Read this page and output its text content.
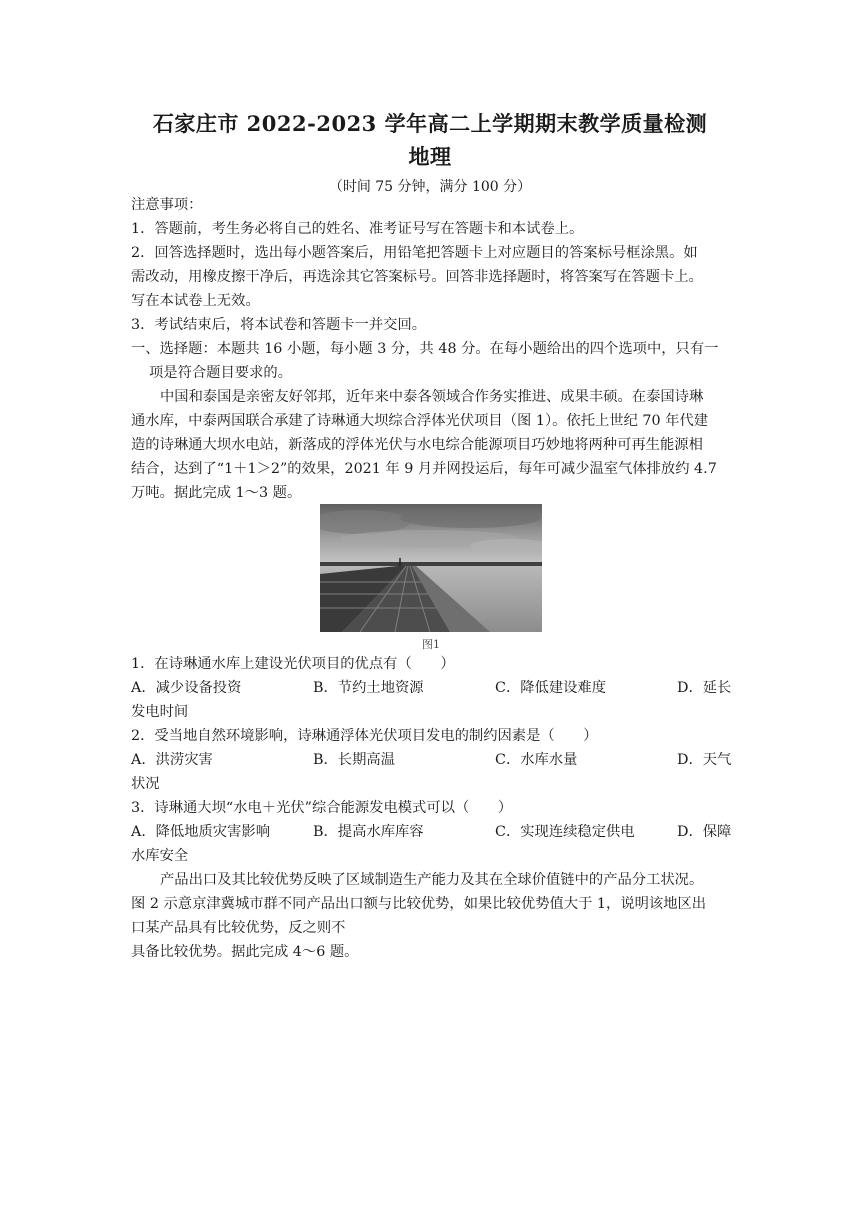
石家庄市 2022-2023 学年高二上学期期末教学质量检测
地理
（时间 75 分钟，满分 100 分）
注意事项：
1．答题前，考生务必将自己的姓名、准考证号写在答题卡和本试卷上。
2．回答选择题时，选出每小题答案后，用铅笔把答题卡上对应题目的答案标号框涂黑。如
需改动，用橡皮擦干净后，再选涂其它答案标号。回答非选择题时，将答案写在答题卡上。
写在本试卷上无效。
3．考试结束后，将本试卷和答题卡一并交回。
一、选择题：本题共 16 小题，每小题 3 分，共 48 分。在每小题给出的四个选项中，只有一
项是符合题目要求的。
中国和泰国是亲密友好邻邦，近年来中泰各领域合作务实推进、成果丰硕。在泰国诗琳
通水库，中泰两国联合承建了诗琳通大坝综合浮体光伏项目（图 1）。依托上世纪 70 年代建
造的诗琳通大坝水电站，新落成的浮体光伏与水电综合能源项目巧妙地将两种可再生能源相
结合，达到了“1＋1＞2”的效果，2021 年 9 月并网投运后，每年可减少温室气体排放约 4.7
万吨。据此完成 1～3 题。
图1
1．在诗琳通水库上建设光伏项目的优点有（　　）
A．减少设备投资	B．节约土地资源	C．降低建设难度	D．延长
发电时间
2．受当地自然环境影响，诗琳通浮体光伏项目发电的制约因素是（　　）
A．洪涝灾害	B．长期高温	C．水库水量	D．天气
状况
3．诗琳通大坝“水电＋光伏”综合能源发电模式可以（　　）
A．降低地质灾害影响	B．提高水库库容	C．实现连续稳定供电	D．保障
水库安全
产品出口及其比较优势反映了区域制造生产能力及其在全球价值链中的产品分工状况。
图 2 示意京津冀城市群不同产品出口额与比较优势，如果比较优势值大于 1，说明该地区出
口某产品具有比较优势，反之则不
具备比较优势。据此完成 4～6 题。
